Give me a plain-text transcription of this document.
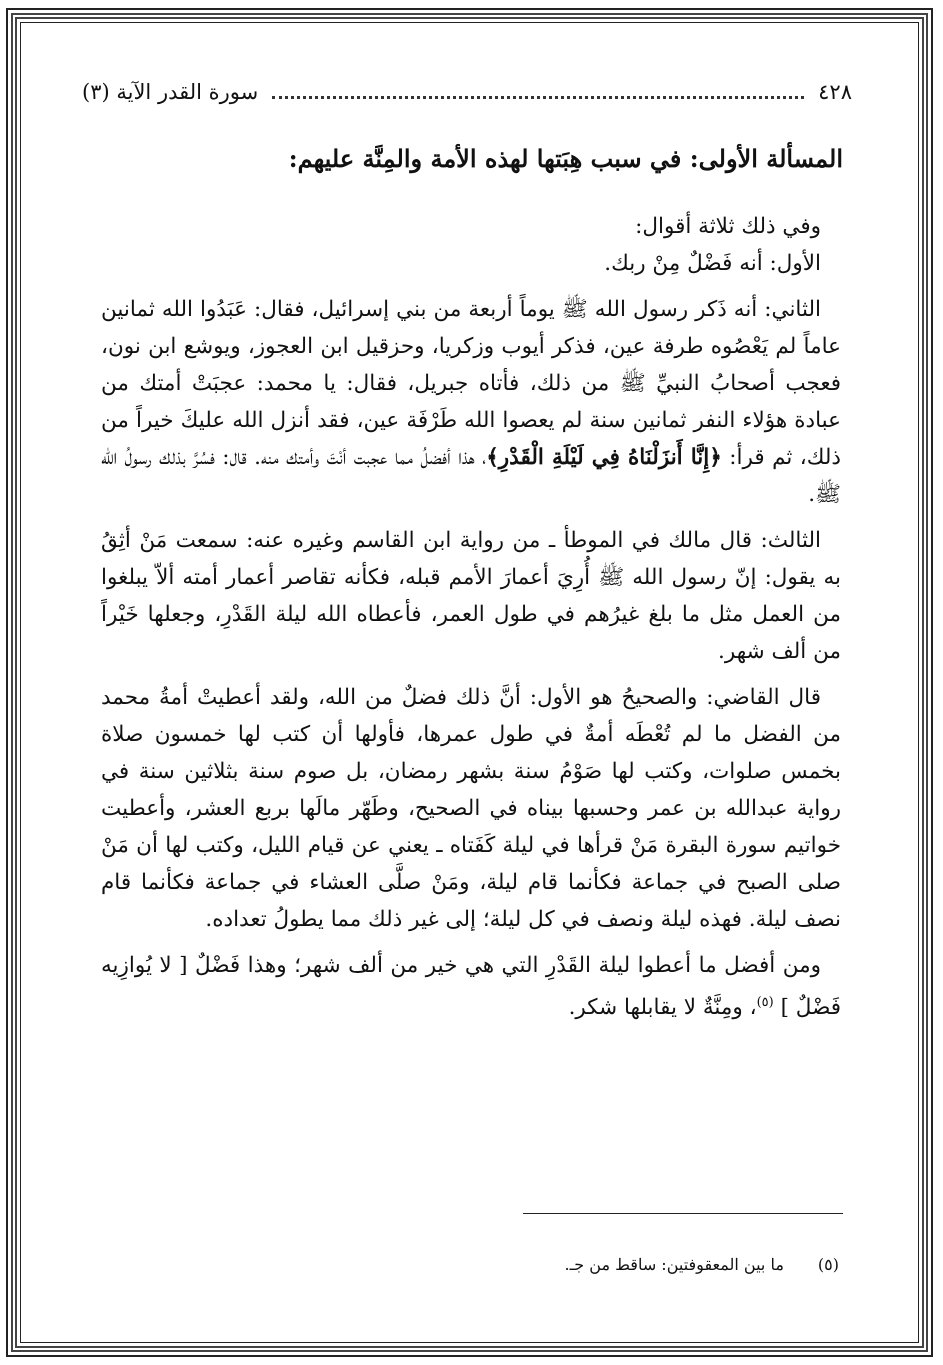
٤٢٨
سورة القدر الآية (٣)
المسألة الأولى: في سبب هِبَتها لهذه الأمة والمِنَّة عليهم:

وفي ذلك ثلاثة أقوال:

الأول: أنه فَضْلٌ مِنْ ربك.

الثاني: أنه ذَكر رسول الله ﷺ يوماً أربعة من بني إسرائيل، فقال: عَبَدُوا الله ثمانين عاماً لم يَعْصُوه طرفة عين، فذكر أيوب وزكريا، وحزقيل ابن العجوز، ويوشع ابن نون، فعجب أصحابُ النبيِّ ﷺ من ذلك، فأتاه جبريل، فقال: يا محمد: عجبَتْ أمتك من عبادة هؤلاء النفر ثمانين سنة لم يعصوا الله طَرْفَة عين، فقد أنزل الله عليكَ خيراً من ذلك، ثم قرأ: ﴿إِنَّا أَنزَلْنَاهُ فِي لَيْلَةِ الْقَدْرِ﴾، هذا أفضلُ مما عجبت أنْتَ وأمتك منه. قال: فسُرَّ بذلك رسولُ الله ﷺ.

الثالث: قال مالك في الموطأ ـ من رواية ابن القاسم وغيره عنه: سمعت مَنْ أثِقُ به يقول: إنّ رسول الله ﷺ أُرِيَ أعمارَ الأمم قبله، فكأنه تقاصر أعمار أمته ألاّ يبلغوا من العمل مثل ما بلغ غيرُهم في طول العمر، فأعطاه الله ليلة القَدْرِ، وجعلها خَيْراً من ألف شهر.

قال القاضي: والصحيحُ هو الأول: أنَّ ذلك فضلٌ من الله، ولقد أعطيتْ أمةُ محمد من الفضل ما لم تُعْطَه أمةٌ في طول عمرها، فأولها أن كتب لها خمسون صلاة بخمس صلوات، وكتب لها صَوْمُ سنة بشهر رمضان، بل صوم سنة بثلاثين سنة في رواية عبدالله بن عمر وحسبها بيناه في الصحيح، وطَهّر مالَها بربع العشر، وأعطيت خواتيم سورة البقرة مَنْ قرأها في ليلة كَفَتاه ـ يعني عن قيام الليل، وكتب لها أن مَنْ صلى الصبح في جماعة فكأنما قام ليلة، ومَنْ صلَّى العشاء في جماعة فكأنما قام نصف ليلة. فهذه ليلة ونصف في كل ليلة؛ إلى غير ذلك مما يطولُ تعداده.

ومن أفضل ما أعطوا ليلة القَدْرِ التي هي خير من ألف شهر؛ وهذا فَضْلٌ [ لا يُوازِيه فَضْلٌ ] $^{(٥)}$، ومِنَّةٌ لا يقابلها شكر.

(٥)
ما بين المعقوفتين: ساقط من جـ.
